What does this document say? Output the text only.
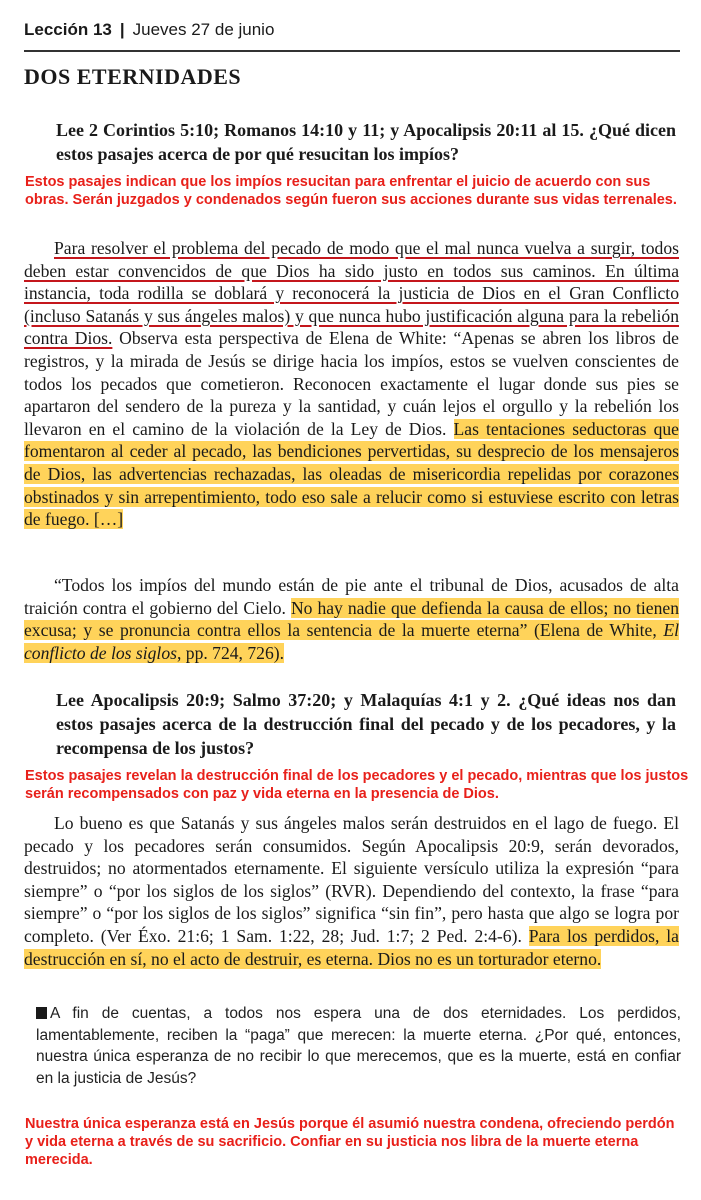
Lección 13 | Jueves 27 de junio
DOS ETERNIDADES

Lee 2 Corintios 5:10; Romanos 14:10 y 11; y Apocalipsis 20:11 al 15. ¿Qué dicen estos pasajes acerca de por qué resucitan los impíos?

Estos pasajes indican que los impíos resucitan para enfrentar el juicio de acuerdo con sus obras. Serán juzgados y condenados según fueron sus acciones durante sus vidas terrenales.

Para resolver el problema del pecado de modo que el mal nunca vuelva a surgir, todos deben estar convencidos de que Dios ha sido justo en todos sus caminos. En última instancia, toda rodilla se doblará y reconocerá la justicia de Dios en el Gran Conflicto (incluso Satanás y sus ángeles malos) y que nunca hubo justificación alguna para la rebelión contra Dios. Observa esta perspectiva de Elena de White: “Apenas se abren los libros de registros, y la mirada de Jesús se dirige hacia los impíos, estos se vuelven conscientes de todos los pecados que cometieron. Reconocen exactamente el lugar donde sus pies se apartaron del sendero de la pureza y la santidad, y cuán lejos el orgullo y la rebelión los llevaron en el camino de la violación de la Ley de Dios. Las tentaciones seductoras que fomentaron al ceder al pecado, las bendiciones pervertidas, su desprecio de los mensajeros de Dios, las advertencias rechazadas, las oleadas de misericordia repelidas por corazones obstinados y sin arrepentimiento, todo eso sale a relucir como si estuviese escrito con letras de fuego. […]

“Todos los impíos del mundo están de pie ante el tribunal de Dios, acusados de alta traición contra el gobierno del Cielo. No hay nadie que defienda la causa de ellos; no tienen excusa; y se pronuncia contra ellos la sentencia de la muerte eterna” (Elena de White, El conflicto de los siglos, pp. 724, 726).

Lee Apocalipsis 20:9; Salmo 37:20; y Malaquías 4:1 y 2. ¿Qué ideas nos dan estos pasajes acerca de la destrucción final del pecado y de los pecadores, y la recompensa de los justos?

Estos pasajes revelan la destrucción final de los pecadores y el pecado, mientras que los justos serán recompensados con paz y vida eterna en la presencia de Dios.

Lo bueno es que Satanás y sus ángeles malos serán destruidos en el lago de fuego. El pecado y los pecadores serán consumidos. Según Apocalipsis 20:9, serán devorados, destruidos; no atormentados eternamente. El siguiente versículo utiliza la expresión “para siempre” o “por los siglos de los siglos” (RVR). Dependiendo del contexto, la frase “para siempre” o “por los siglos de los siglos” significa “sin fin”, pero hasta que algo se logra por completo. (Ver Éxo. 21:6; 1 Sam. 1:22, 28; Jud. 1:7; 2 Ped. 2:4-6). Para los perdidos, la destrucción en sí, no el acto de destruir, es eterna. Dios no es un torturador eterno.

A fin de cuentas, a todos nos espera una de dos eternidades. Los perdidos, lamentablemente, reciben la “paga” que merecen: la muerte eterna. ¿Por qué, entonces, nuestra única esperanza de no recibir lo que merecemos, que es la muerte, está en confiar en la justicia de Jesús?

Nuestra única esperanza está en Jesús porque él asumió nuestra condena, ofreciendo perdón y vida eterna a través de su sacrificio. Confiar en su justicia nos libra de la muerte eterna merecida.
